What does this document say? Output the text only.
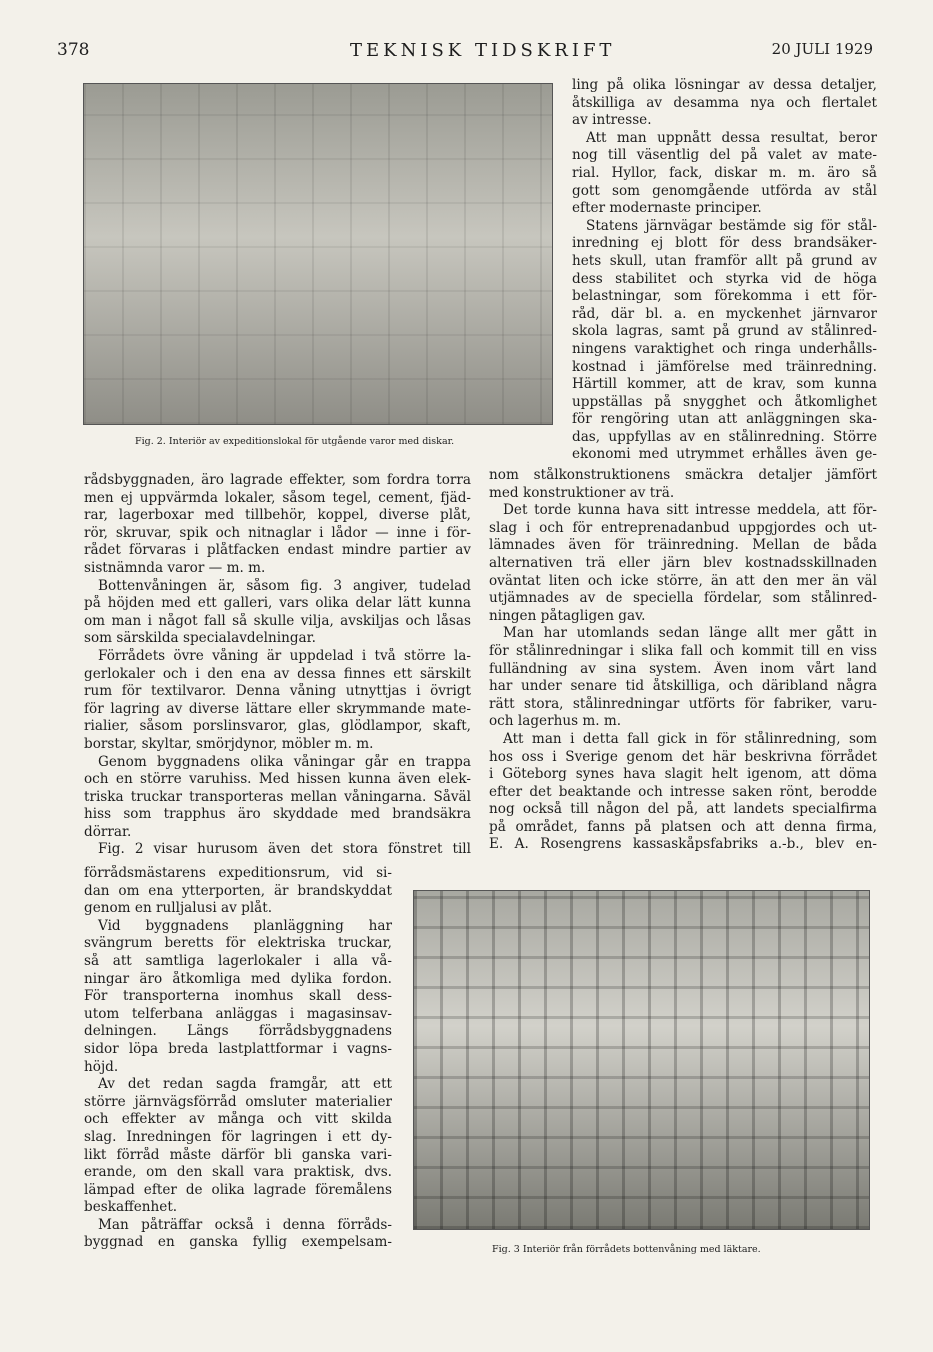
378	TEKNISK TIDSKRIFT	20 JULI 1929
Fig. 2. Interiör av expeditionslokal för utgående varor med diskar.

ling på olika lösningar av dessa detaljer,

åtskilliga av desamma nya och flertalet

av intresse.

Att man uppnått dessa resultat, beror

nog till väsentlig del på valet av mate-

rial. Hyllor, fack, diskar m. m. äro så

gott som genomgående utförda av stål

efter modernaste principer.

Statens järnvägar bestämde sig för stål-

inredning ej blott för dess brandsäker-

hets skull, utan framför allt på grund av

dess stabilitet och styrka vid de höga

belastningar, som förekomma i ett för-

råd, där bl. a. en myckenhet järnvaror

skola lagras, samt på grund av stålinred-

ningens varaktighet och ringa underhålls-

kostnad i jämförelse med träinredning.

Härtill kommer, att de krav, som kunna

uppställas på snygghet och åtkomlighet

för rengöring utan att anläggningen ska-

das, uppfyllas av en stålinredning. Större

ekonomi med utrymmet erhålles även ge-

rådsbyggnaden, äro lagrade effekter, som fordra torra

men ej uppvärmda lokaler, såsom tegel, cement, fjäd-

rar, lagerboxar med tillbehör, koppel, diverse plåt,

rör, skruvar, spik och nitnaglar i lådor — inne i för-

rådet förvaras i plåtfacken endast mindre partier av

sistnämnda varor — m. m.

Bottenvåningen är, såsom fig. 3 angiver, tudelad

på höjden med ett galleri, vars olika delar lätt kunna

om man i något fall så skulle vilja, avskiljas och låsas

som särskilda specialavdelningar.

Förrådets övre våning är uppdelad i två större la-

gerlokaler och i den ena av dessa finnes ett särskilt

rum för textilvaror. Denna våning utnyttjas i övrigt

för lagring av diverse lättare eller skrymmande mate-

rialier, såsom porslinsvaror, glas, glödlampor, skaft,

borstar, skyltar, smörjdynor, möbler m. m.

Genom byggnadens olika våningar går en trappa

och en större varuhiss. Med hissen kunna även elek-

triska truckar transporteras mellan våningarna. Såväl

hiss som trapphus äro skyddade med brandsäkra

dörrar.

Fig. 2 visar hurusom även det stora fönstret till

nom stålkonstruktionens smäckra detaljer jämfört

med konstruktioner av trä.

Det torde kunna hava sitt intresse meddela, att för-

slag i och för entreprenadanbud uppgjordes och ut-

lämnades även för träinredning. Mellan de båda

alternativen trä eller järn blev kostnadsskillnaden

oväntat liten och icke större, än att den mer än väl

utjämnades av de speciella fördelar, som stålinred-

ningen påtagligen gav.

Man har utomlands sedan länge allt mer gått in

för stålinredningar i slika fall och kommit till en viss

fulländning av sina system. Även inom vårt land

har under senare tid åtskilliga, och däribland några

rätt stora, stålinredningar utförts för fabriker, varu-

och lagerhus m. m.

Att man i detta fall gick in för stålinredning, som

hos oss i Sverige genom det här beskrivna förrådet

i Göteborg synes hava slagit helt igenom, att döma

efter det beaktande och intresse saken rönt, berodde

nog också till någon del på, att landets specialfirma

på området, fanns på platsen och att denna firma,

E. A. Rosengrens kassaskåpsfabriks a.-b., blev en-

förrådsmästarens expeditionsrum, vid si-

dan om ena ytterporten, är brandskyddat

genom en rulljalusi av plåt.

Vid byggnadens planläggning har

svängrum beretts för elektriska truckar,

så att samtliga lagerlokaler i alla vå-

ningar äro åtkomliga med dylika fordon.

För transporterna inomhus skall dess-

utom telferbana anläggas i magasinsav-

delningen. Längs förrådsbyggnadens

sidor löpa breda lastplattformar i vagns-

höjd.

Av det redan sagda framgår, att ett

större järnvägsförråd omsluter materialier

och effekter av många och vitt skilda

slag. Inredningen för lagringen i ett dy-

likt förråd måste därför bli ganska vari-

erande, om den skall vara praktisk, dvs.

lämpad efter de olika lagrade föremålens

beskaffenhet.

Man påträffar också i denna förråds-

byggnad en ganska fyllig exempelsam-	Fig. 3 Interiör från förrådets bottenvåning med läktare.
